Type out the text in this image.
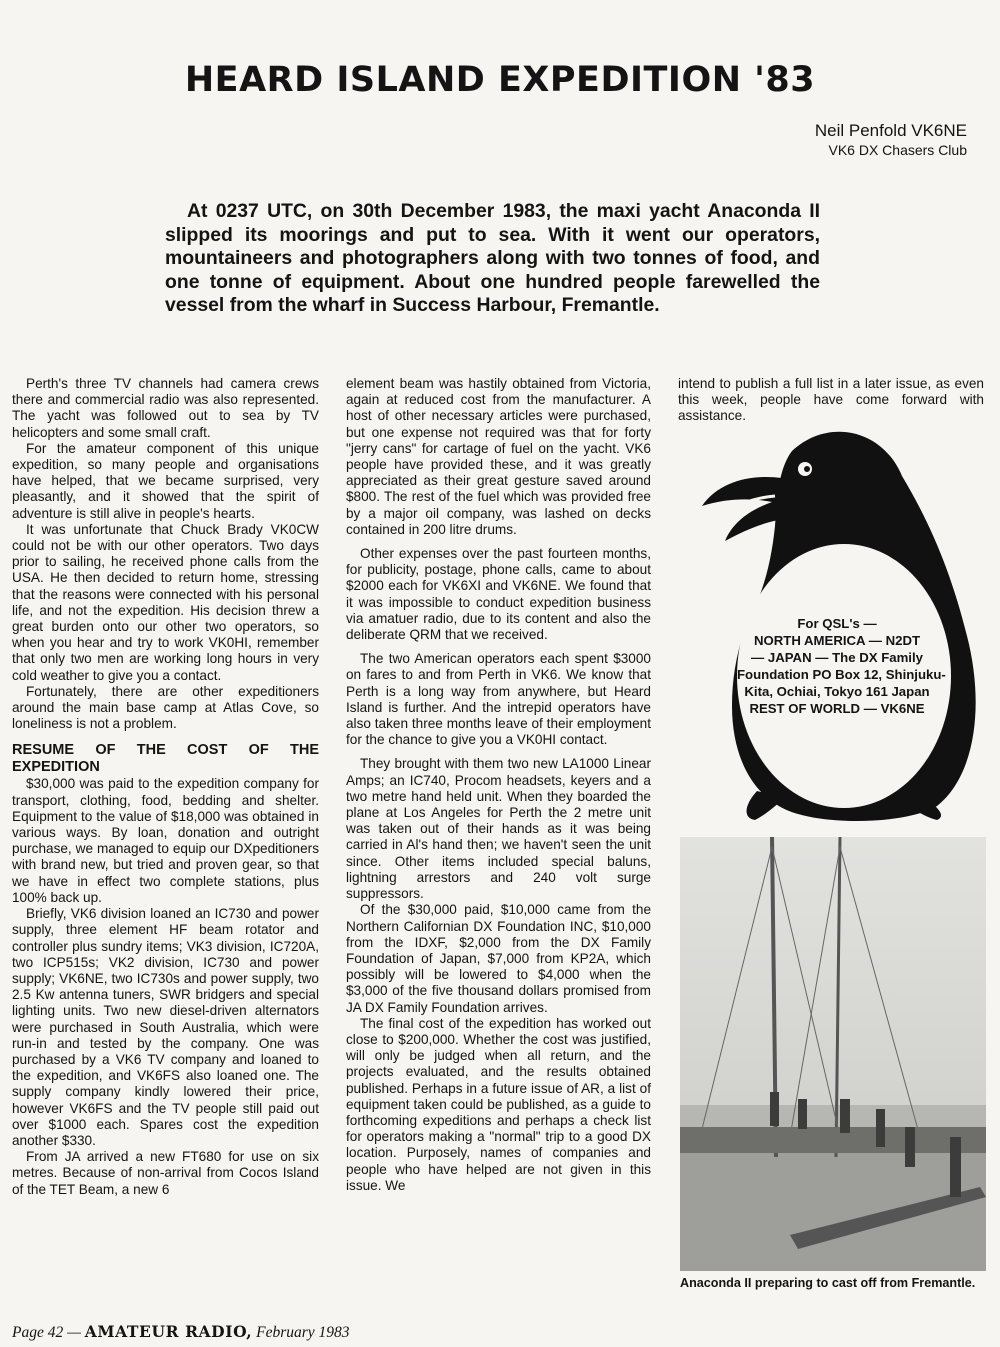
HEARD ISLAND EXPEDITION '83
Neil Penfold VK6NE
VK6 DX Chasers Club

At 0237 UTC, on 30th December 1983, the maxi yacht Anaconda II slipped its moorings and put to sea. With it went our operators, mountaineers and photographers along with two tonnes of food, and one tonne of equipment. About one hundred people farewelled the vessel from the wharf in Success Harbour, Fremantle.

Perth's three TV channels had camera crews there and commercial radio was also represented. The yacht was followed out to sea by TV helicopters and some small craft.

For the amateur component of this unique expedition, so many people and organisations have helped, that we became surprised, very pleasantly, and it showed that the spirit of adventure is still alive in people's hearts.

It was unfortunate that Chuck Brady VK0CW could not be with our other operators. Two days prior to sailing, he received phone calls from the USA. He then decided to return home, stressing that the reasons were connected with his personal life, and not the expedition. His decision threw a great burden onto our other two operators, so when you hear and try to work VK0HI, remember that only two men are working long hours in very cold weather to give you a contact.

Fortunately, there are other expeditioners around the main base camp at Atlas Cove, so loneliness is not a problem.

RESUME OF THE COST OF THE EXPEDITION

$30,000 was paid to the expedition company for transport, clothing, food, bedding and shelter. Equipment to the value of $18,000 was obtained in various ways. By loan, donation and outright purchase, we managed to equip our DXpeditioners with brand new, but tried and proven gear, so that we have in effect two complete stations, plus 100% back up.

Briefly, VK6 division loaned an IC730 and power supply, three element HF beam rotator and controller plus sundry items; VK3 division, IC720A, two ICP515s; VK2 division, IC730 and power supply; VK6NE, two IC730s and power supply, two 2.5 Kw antenna tuners, SWR bridgers and special lighting units. Two new diesel-driven alternators were purchased in South Australia, which were run-in and tested by the company. One was purchased by a VK6 TV company and loaned to the expedition, and VK6FS also loaned one. The supply company kindly lowered their price, however VK6FS and the TV people still paid out over $1000 each. Spares cost the expedition another $330.

From JA arrived a new FT680 for use on six metres. Because of non-arrival from Cocos Island of the TET Beam, a new 6

element beam was hastily obtained from Victoria, again at reduced cost from the manufacturer. A host of other necessary articles were purchased, but one expense not required was that for forty "jerry cans" for cartage of fuel on the yacht. VK6 people have provided these, and it was greatly appreciated as their great gesture saved around $800. The rest of the fuel which was provided free by a major oil company, was lashed on decks contained in 200 litre drums.

Other expenses over the past fourteen months, for publicity, postage, phone calls, came to about $2000 each for VK6XI and VK6NE. We found that it was impossible to conduct expedition business via amatuer radio, due to its content and also the deliberate QRM that we received.

The two American operators each spent $3000 on fares to and from Perth in VK6. We know that Perth is a long way from anywhere, but Heard Island is further. And the intrepid operators have also taken three months leave of their employment for the chance to give you a VK0HI contact.

They brought with them two new LA1000 Linear Amps; an IC740, Procom headsets, keyers and a two metre hand held unit. When they boarded the plane at Los Angeles for Perth the 2 metre unit was taken out of their hands as it was being carried in Al's hand then; we haven't seen the unit since. Other items included special baluns, lightning arrestors and 240 volt surge suppressors.

Of the $30,000 paid, $10,000 came from the Northern Californian DX Foundation INC, $10,000 from the IDXF, $2,000 from the DX Family Foundation of Japan, $7,000 from KP2A, which possibly will be lowered to $4,000 when the $3,000 of the five thousand dollars promised from JA DX Family Foundation arrives.

The final cost of the expedition has worked out close to $200,000. Whether the cost was justified, will only be judged when all return, and the projects evaluated, and the results obtained published. Perhaps in a future issue of AR, a list of equipment taken could be published, as a guide to forthcoming expeditions and perhaps a check list for operators making a "normal" trip to a good DX location. Purposely, names of companies and people who have helped are not given in this issue. We

intend to publish a full list in a later issue, as even this week, people have come forward with assistance.

For QSL's —
NORTH AMERICA — N2DT
— JAPAN — The DX Family
Foundation PO Box 12, Shinjuku-
Kita, Ochiai, Tokyo 161 Japan
REST OF WORLD — VK6NE
Anaconda II preparing to cast off from Fremantle.
Page 42 — AMATEUR RADIO, February 1983
